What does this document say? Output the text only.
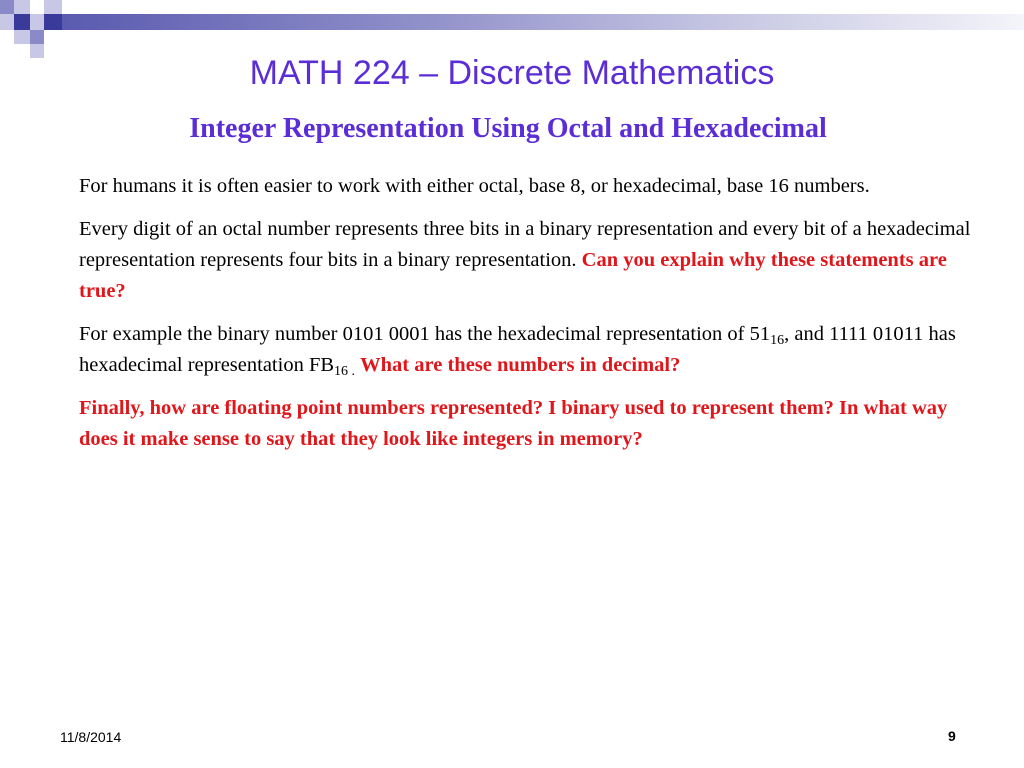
MATH 224 – Discrete Mathematics
Integer Representation Using Octal and Hexadecimal

For humans it is often easier to work with either octal, base 8, or hexadecimal, base 16 numbers.

Every digit of an octal number represents three bits in a binary representation and every bit of a hexadecimal representation represents four bits in a binary representation. Can you explain why these statements are true?

For example the binary number 0101 0001 has the hexadecimal representation of $51_{16}$, and 1111 01011 has hexadecimal representation $FB_{16 .}$ What are these numbers in decimal?

Finally, how are floating point numbers represented? I binary used to represent them? In what way does it make sense to say that they look like integers in memory?

11/8/2014	9
